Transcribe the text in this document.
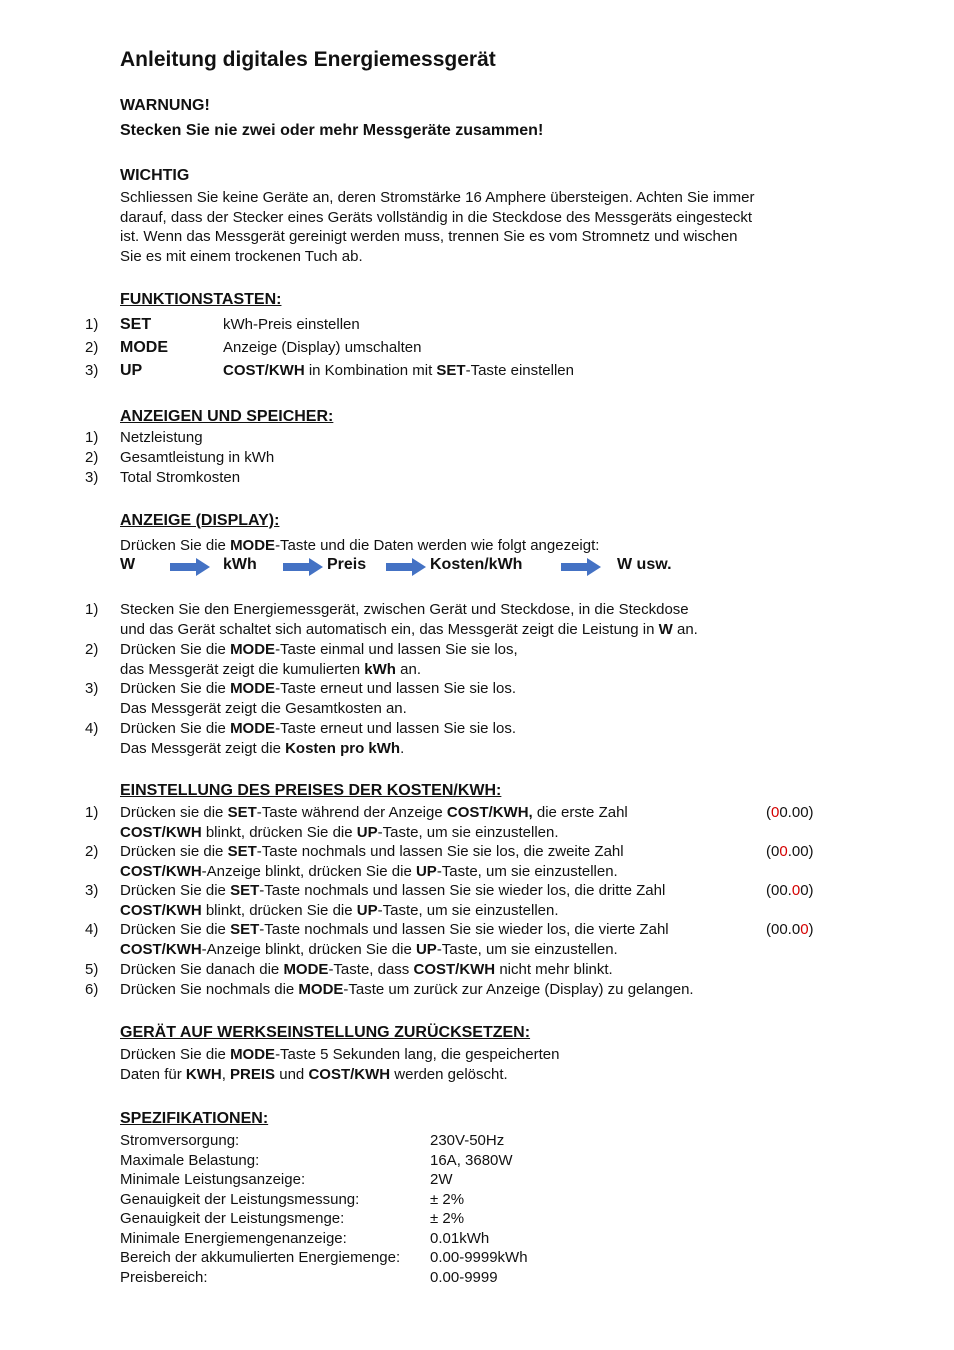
Anleitung digitales Energiemessgerät
WARNUNG!
Stecken Sie nie zwei oder mehr Messgeräte zusammen!
WICHTIG
Schliessen Sie keine Geräte an, deren Stromstärke 16 Amphere übersteigen. Achten Sie immer
darauf, dass der Stecker eines Geräts vollständig in die Steckdose des Messgeräts eingesteckt
ist. Wenn das Messgerät gereinigt werden muss, trennen Sie es vom Stromnetz und wischen
Sie es mit einem trockenen Tuch ab.
FUNKTIONSTASTEN:
1) SET	kWh-Preis einstellen
2) MODE	Anzeige (Display) umschalten
3) UP	COST/KWH in Kombination mit SET-Taste einstellen
ANZEIGEN UND SPEICHER:
1) Netzleistung
2) Gesamtleistung in kWh
3) Total Stromkosten
ANZEIGE (DISPLAY):
Drücken Sie die MODE-Taste und die Daten werden wie folgt angezeigt:
W	kWh	Preis	Kosten/kWh	W usw.
1) Stecken Sie den Energiemessgerät, zwischen Gerät und Steckdose, in die Steckdose
und das Gerät schaltet sich automatisch ein, das Messgerät zeigt die Leistung in W an.
2) Drücken Sie die MODE-Taste einmal und lassen Sie sie los,
das Messgerät zeigt die kumulierten kWh an.
3) Drücken Sie die MODE-Taste erneut und lassen Sie sie los.
Das Messgerät zeigt die Gesamtkosten an.
4) Drücken Sie die MODE-Taste erneut und lassen Sie sie los.
Das Messgerät zeigt die Kosten pro kWh.
EINSTELLUNG DES PREISES DER KOSTEN/KWH:
1) Drücken sie die SET-Taste während der Anzeige COST/KWH, die erste Zahl
COST/KWH blinkt, drücken Sie die UP-Taste, um sie einzustellen.
(00.00)
2) Drücken sie die SET-Taste nochmals und lassen Sie sie los, die zweite Zahl
COST/KWH-Anzeige blinkt, drücken Sie die UP-Taste, um sie einzustellen.
(00.00)
3) Drücken Sie die SET-Taste nochmals und lassen Sie sie wieder los, die dritte Zahl
COST/KWH blinkt, drücken Sie die UP-Taste, um sie einzustellen.
(00.00)
4) Drücken Sie die SET-Taste nochmals und lassen Sie sie wieder los, die vierte Zahl
COST/KWH-Anzeige blinkt, drücken Sie die UP-Taste, um sie einzustellen.
(00.00)
5) Drücken Sie danach die MODE-Taste, dass COST/KWH nicht mehr blinkt.
6) Drücken Sie nochmals die MODE-Taste um zurück zur Anzeige (Display) zu gelangen.
GERÄT AUF WERKSEINSTELLUNG ZURÜCKSETZEN:
Drücken Sie die MODE-Taste 5 Sekunden lang, die gespeicherten
Daten für KWH, PREIS und COST/KWH werden gelöscht.
SPEZIFIKATIONEN:
Stromversorgung:	230V-50Hz
Maximale Belastung:	16A, 3680W
Minimale Leistungsanzeige:	2W
Genauigkeit der Leistungsmessung:	± 2%
Genauigkeit der Leistungsmenge:	± 2%
Minimale Energiemengenanzeige:	0.01kWh
Bereich der akkumulierten Energiemenge: 0.00-9999kWh
Preisbereich:	0.00-9999
